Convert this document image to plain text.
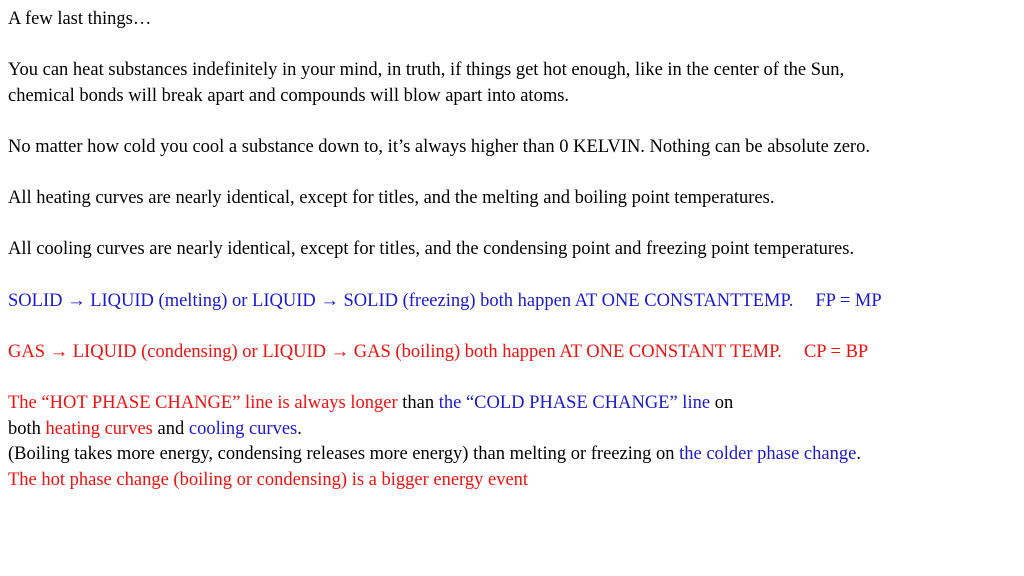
A few last things…
You can heat substances indefinitely in your mind, in truth, if things get hot enough, like in the center of the Sun,
chemical bonds will break apart and compounds will blow apart into atoms.
No matter how cold you cool a substance down to, it’s always higher than 0 KELVIN. Nothing can be absolute zero.
All heating curves are nearly identical, except for titles, and the melting and boiling point temperatures.
All cooling curves are nearly identical, except for titles, and the condensing point and freezing point temperatures.
SOLID → LIQUID (melting) or LIQUID → SOLID (freezing) both happen AT ONE CONSTANTTEMP. FP = MP
GAS → LIQUID (condensing) or LIQUID → GAS (boiling) both happen AT ONE CONSTANT TEMP. CP = BP
The “HOT PHASE CHANGE” line is always longer than the “COLD PHASE CHANGE” line on
both heating curves and cooling curves.
(Boiling takes more energy, condensing releases more energy) than melting or freezing on the colder phase change.
The hot phase change (boiling or condensing) is a bigger energy event
